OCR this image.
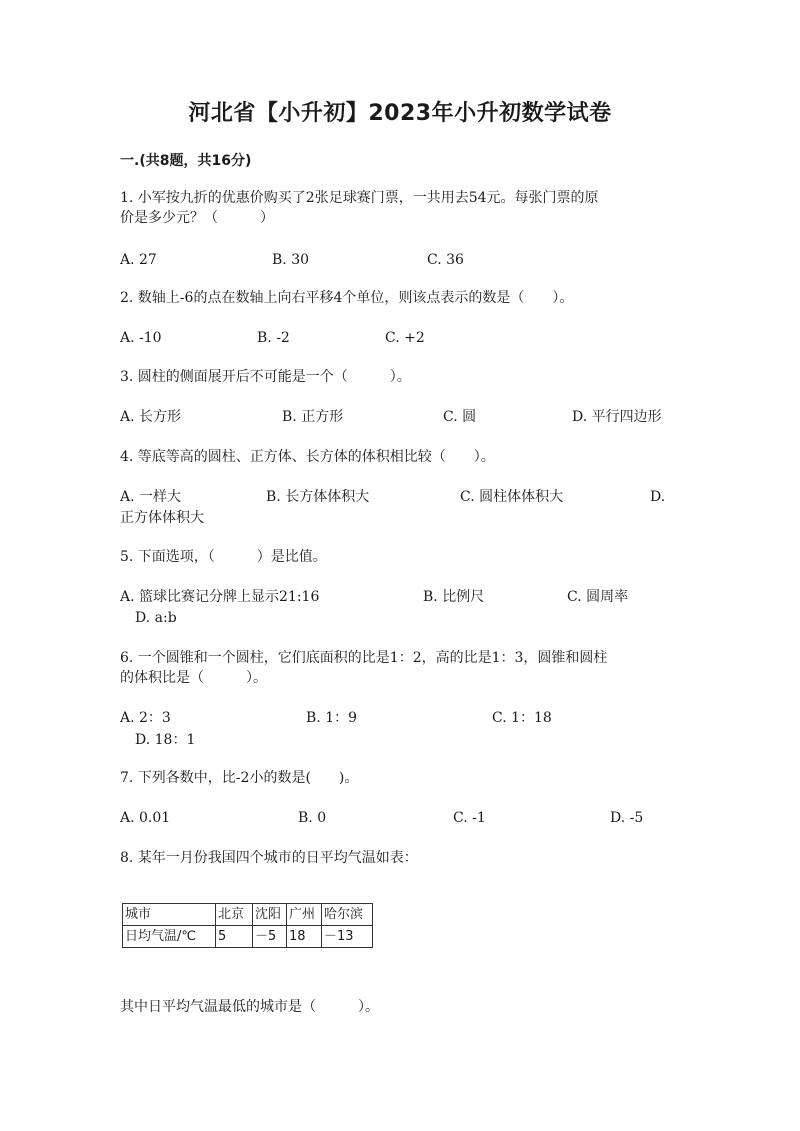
河北省【小升初】2023年小升初数学试卷
一.(共8题，共16分)
1. 小军按九折的优惠价购买了2张足球赛门票，一共用去54元。每张门票的原
价是多少元？（　　　）
A. 27	B. 30	C. 36
2. 数轴上-6的点在数轴上向右平移4个单位，则该点表示的数是（　　）。
A. -10	B. -2	C. +2
3. 圆柱的侧面展开后不可能是一个（　　　）。
A. 长方形	B. 正方形	C. 圆	D. 平行四边形
4. 等底等高的圆柱、正方体、长方体的体积相比较（　　）。
A. 一样大	B. 长方体体积大	C. 圆柱体体积大	D.
正方体体积大
5. 下面选项，（　　　）是比值。
A. 篮球比赛记分牌上显示21:16	B. 比例尺	C. 圆周率
D. a:b
6. 一个圆锥和一个圆柱，它们底面积的比是1：2，高的比是1：3，圆锥和圆柱
的体积比是（　　　）。
A. 2：3	B. 1：9	C. 1：18
D. 18：1
7. 下列各数中，比-2小的数是(　　)。
A. 0.01	B. 0	C. -1	D. -5
8. 某年一月份我国四个城市的日平均气温如表：
城市	北京	沈阳	广州	哈尔滨
日均气温/℃	5	－5	18	－13
其中日平均气温最低的城市是（　　　）。
